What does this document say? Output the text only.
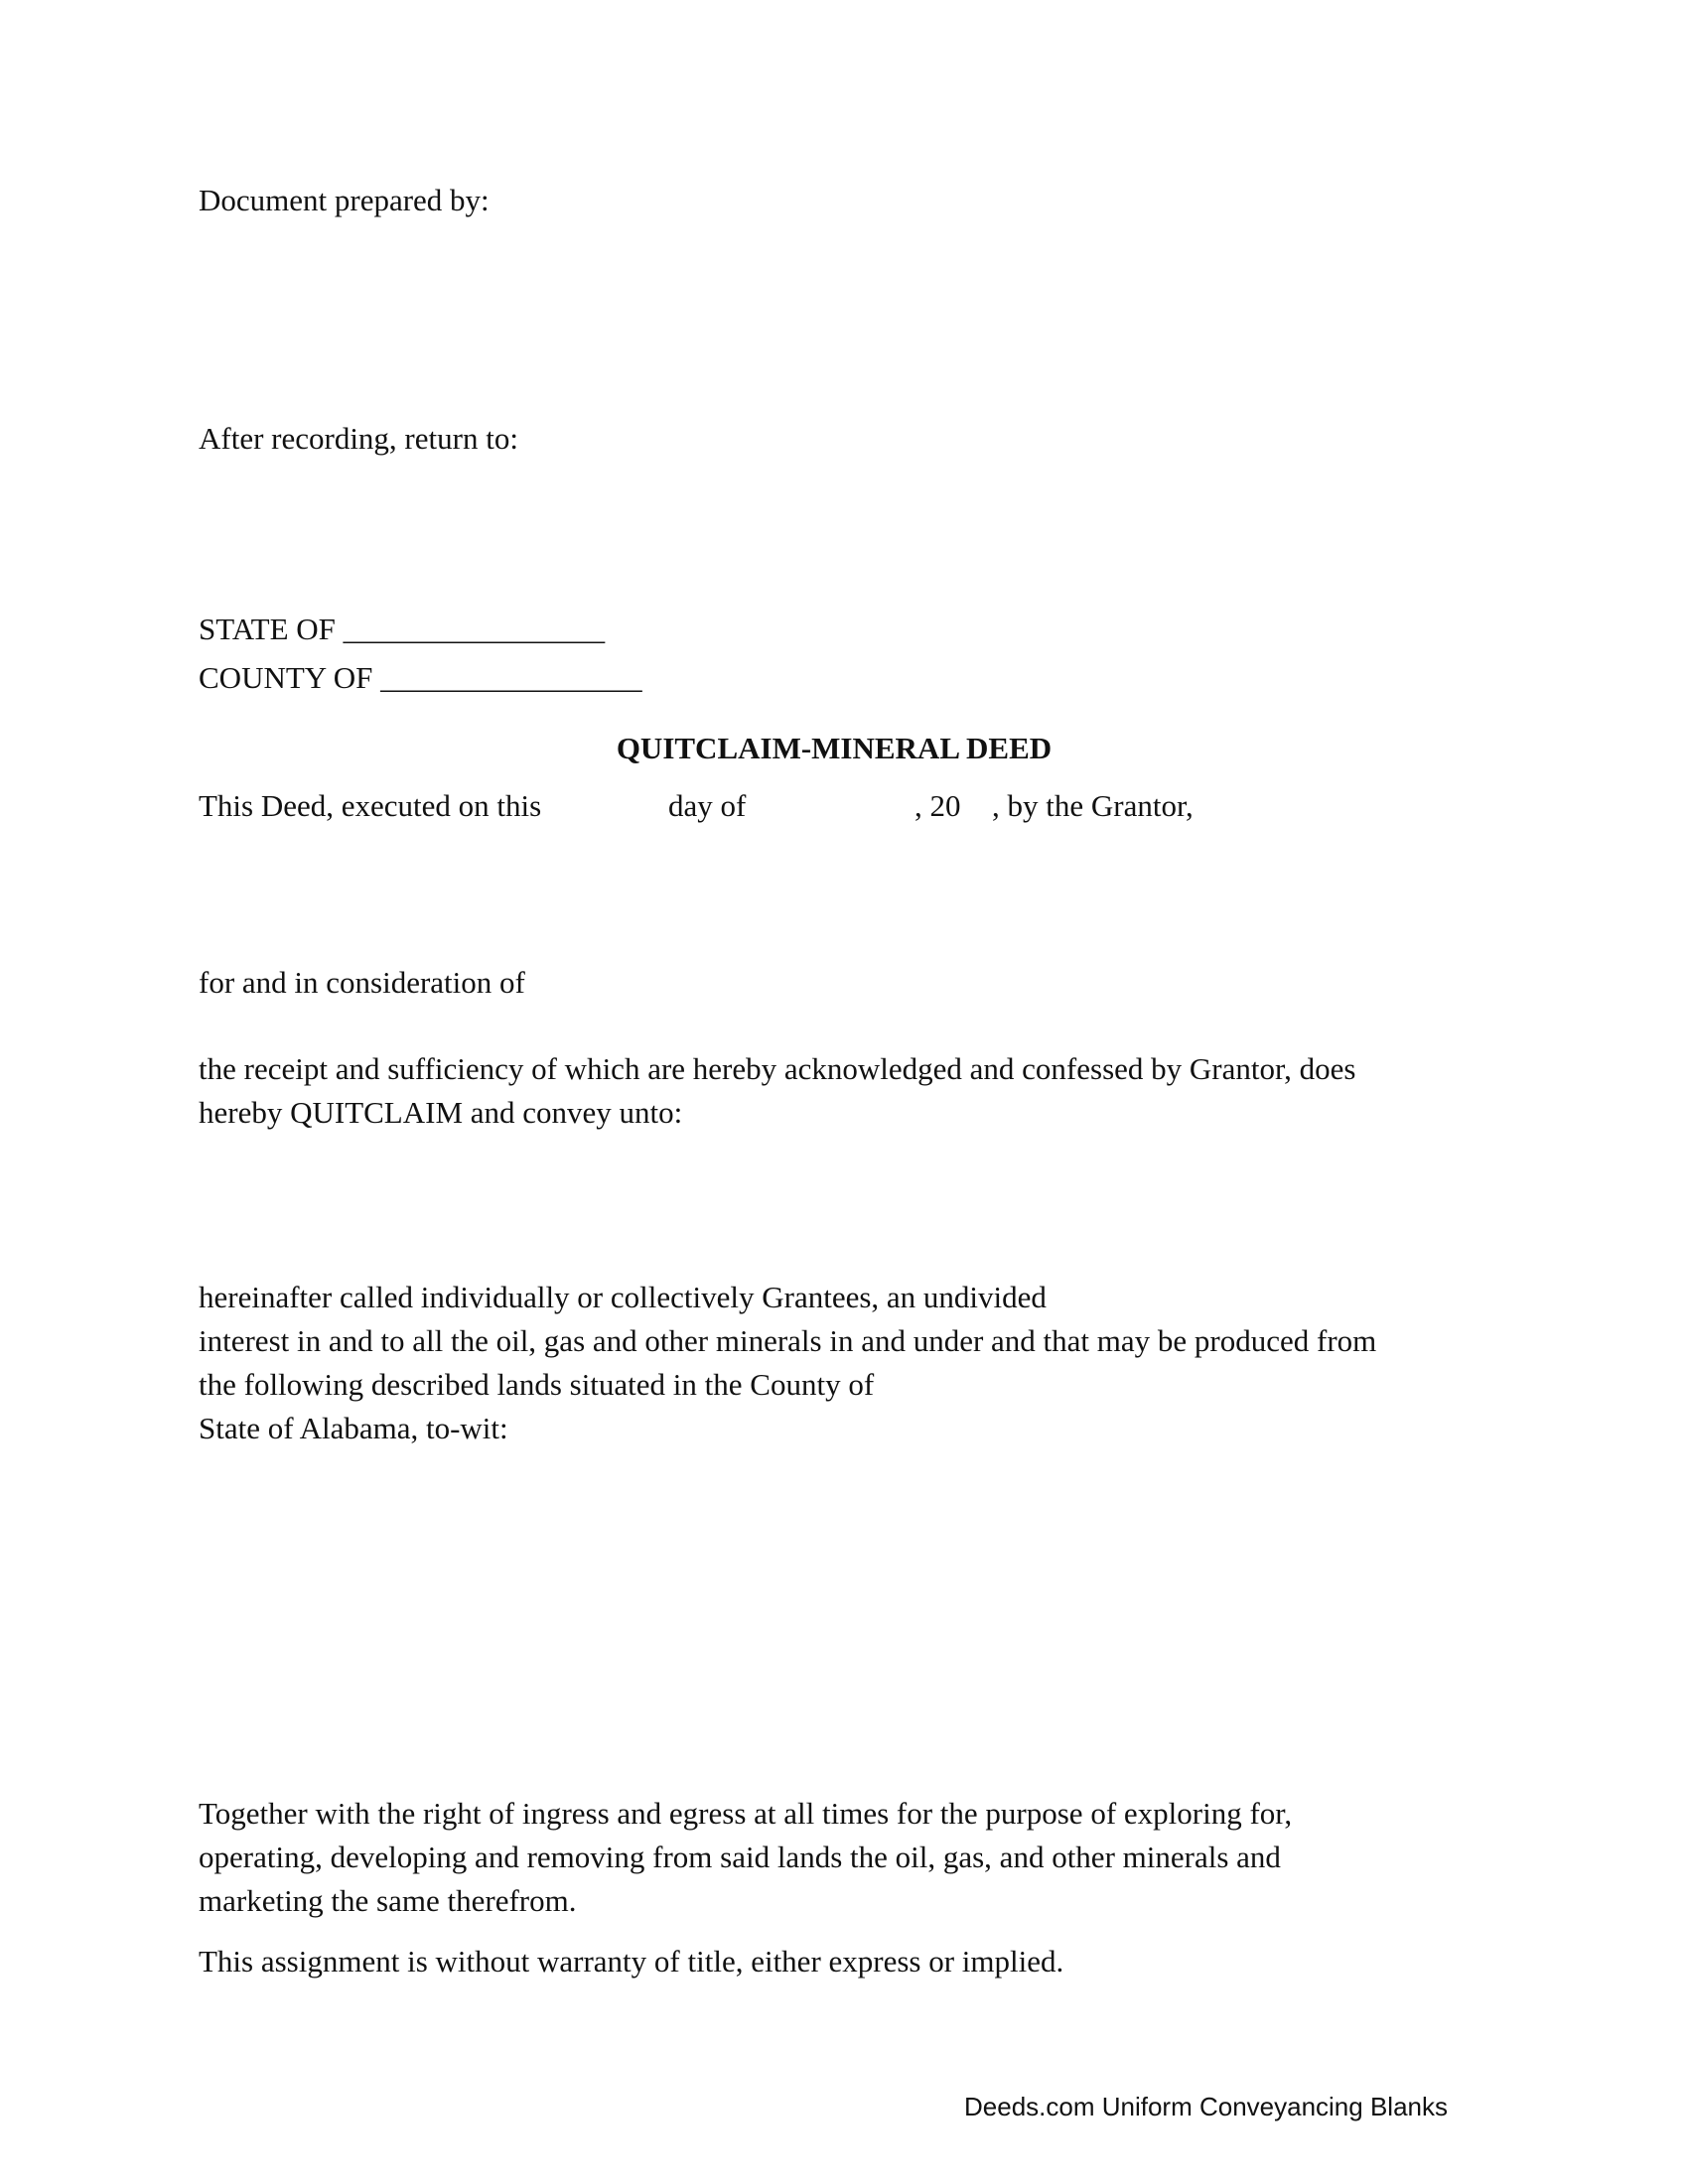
Document prepared by:

After recording, return to:

STATE OF _________________

COUNTY OF _________________

QUITCLAIM-MINERAL DEED
This Deed, executed on this	day of	, 20 , by the Grantor,

for and in consideration of

the receipt and sufficiency of which are hereby acknowledged and confessed by Grantor, does

hereby QUITCLAIM and convey unto:

hereinafter called individually or collectively Grantees, an undivided

interest in and to all the oil, gas and other minerals in and under and that may be produced from

the following described lands situated in the County of

State of Alabama, to-wit:

Together with the right of ingress and egress at all times for the purpose of exploring for,

operating, developing and removing from said lands the oil, gas, and other minerals and

marketing the same therefrom.

This assignment is without warranty of title, either express or implied.

Deeds.com Uniform Conveyancing Blanks
